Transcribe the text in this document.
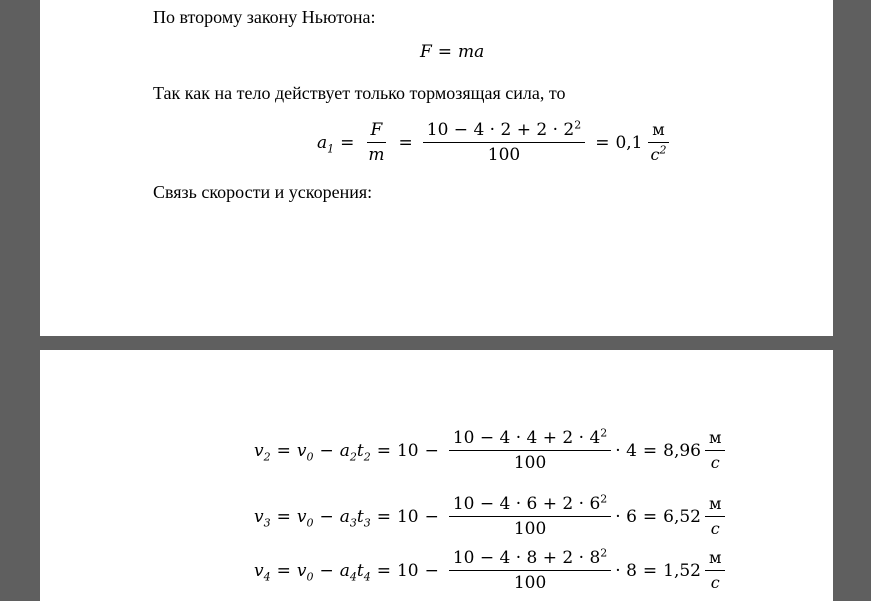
По второму закону Ньютона:
F = ma
Так как на тело действует только тормозящая сила, то
$a_1 = \frac{F}{m} = \frac{10 - 4 \cdot 2 + 2 \cdot 2^2}{100} = 0,1 \frac{м}{c^2}$
Связь скорости и ускорения:
$v_2 = v_0 - a_2t_2 = 10 - \frac{10 - 4 \cdot 4 + 2 \cdot 4^2}{100} \cdot 4 = 8,96 \frac{м}{c}$
$v_3 = v_0 - a_3t_3 = 10 - \frac{10 - 4 \cdot 6 + 2 \cdot 6^2}{100} \cdot 6 = 6,52 \frac{м}{c}$
$v_4 = v_0 - a_4t_4 = 10 - \frac{10 - 4 \cdot 8 + 2 \cdot 8^2}{100} \cdot 8 = 1,52 \frac{м}{c}$
